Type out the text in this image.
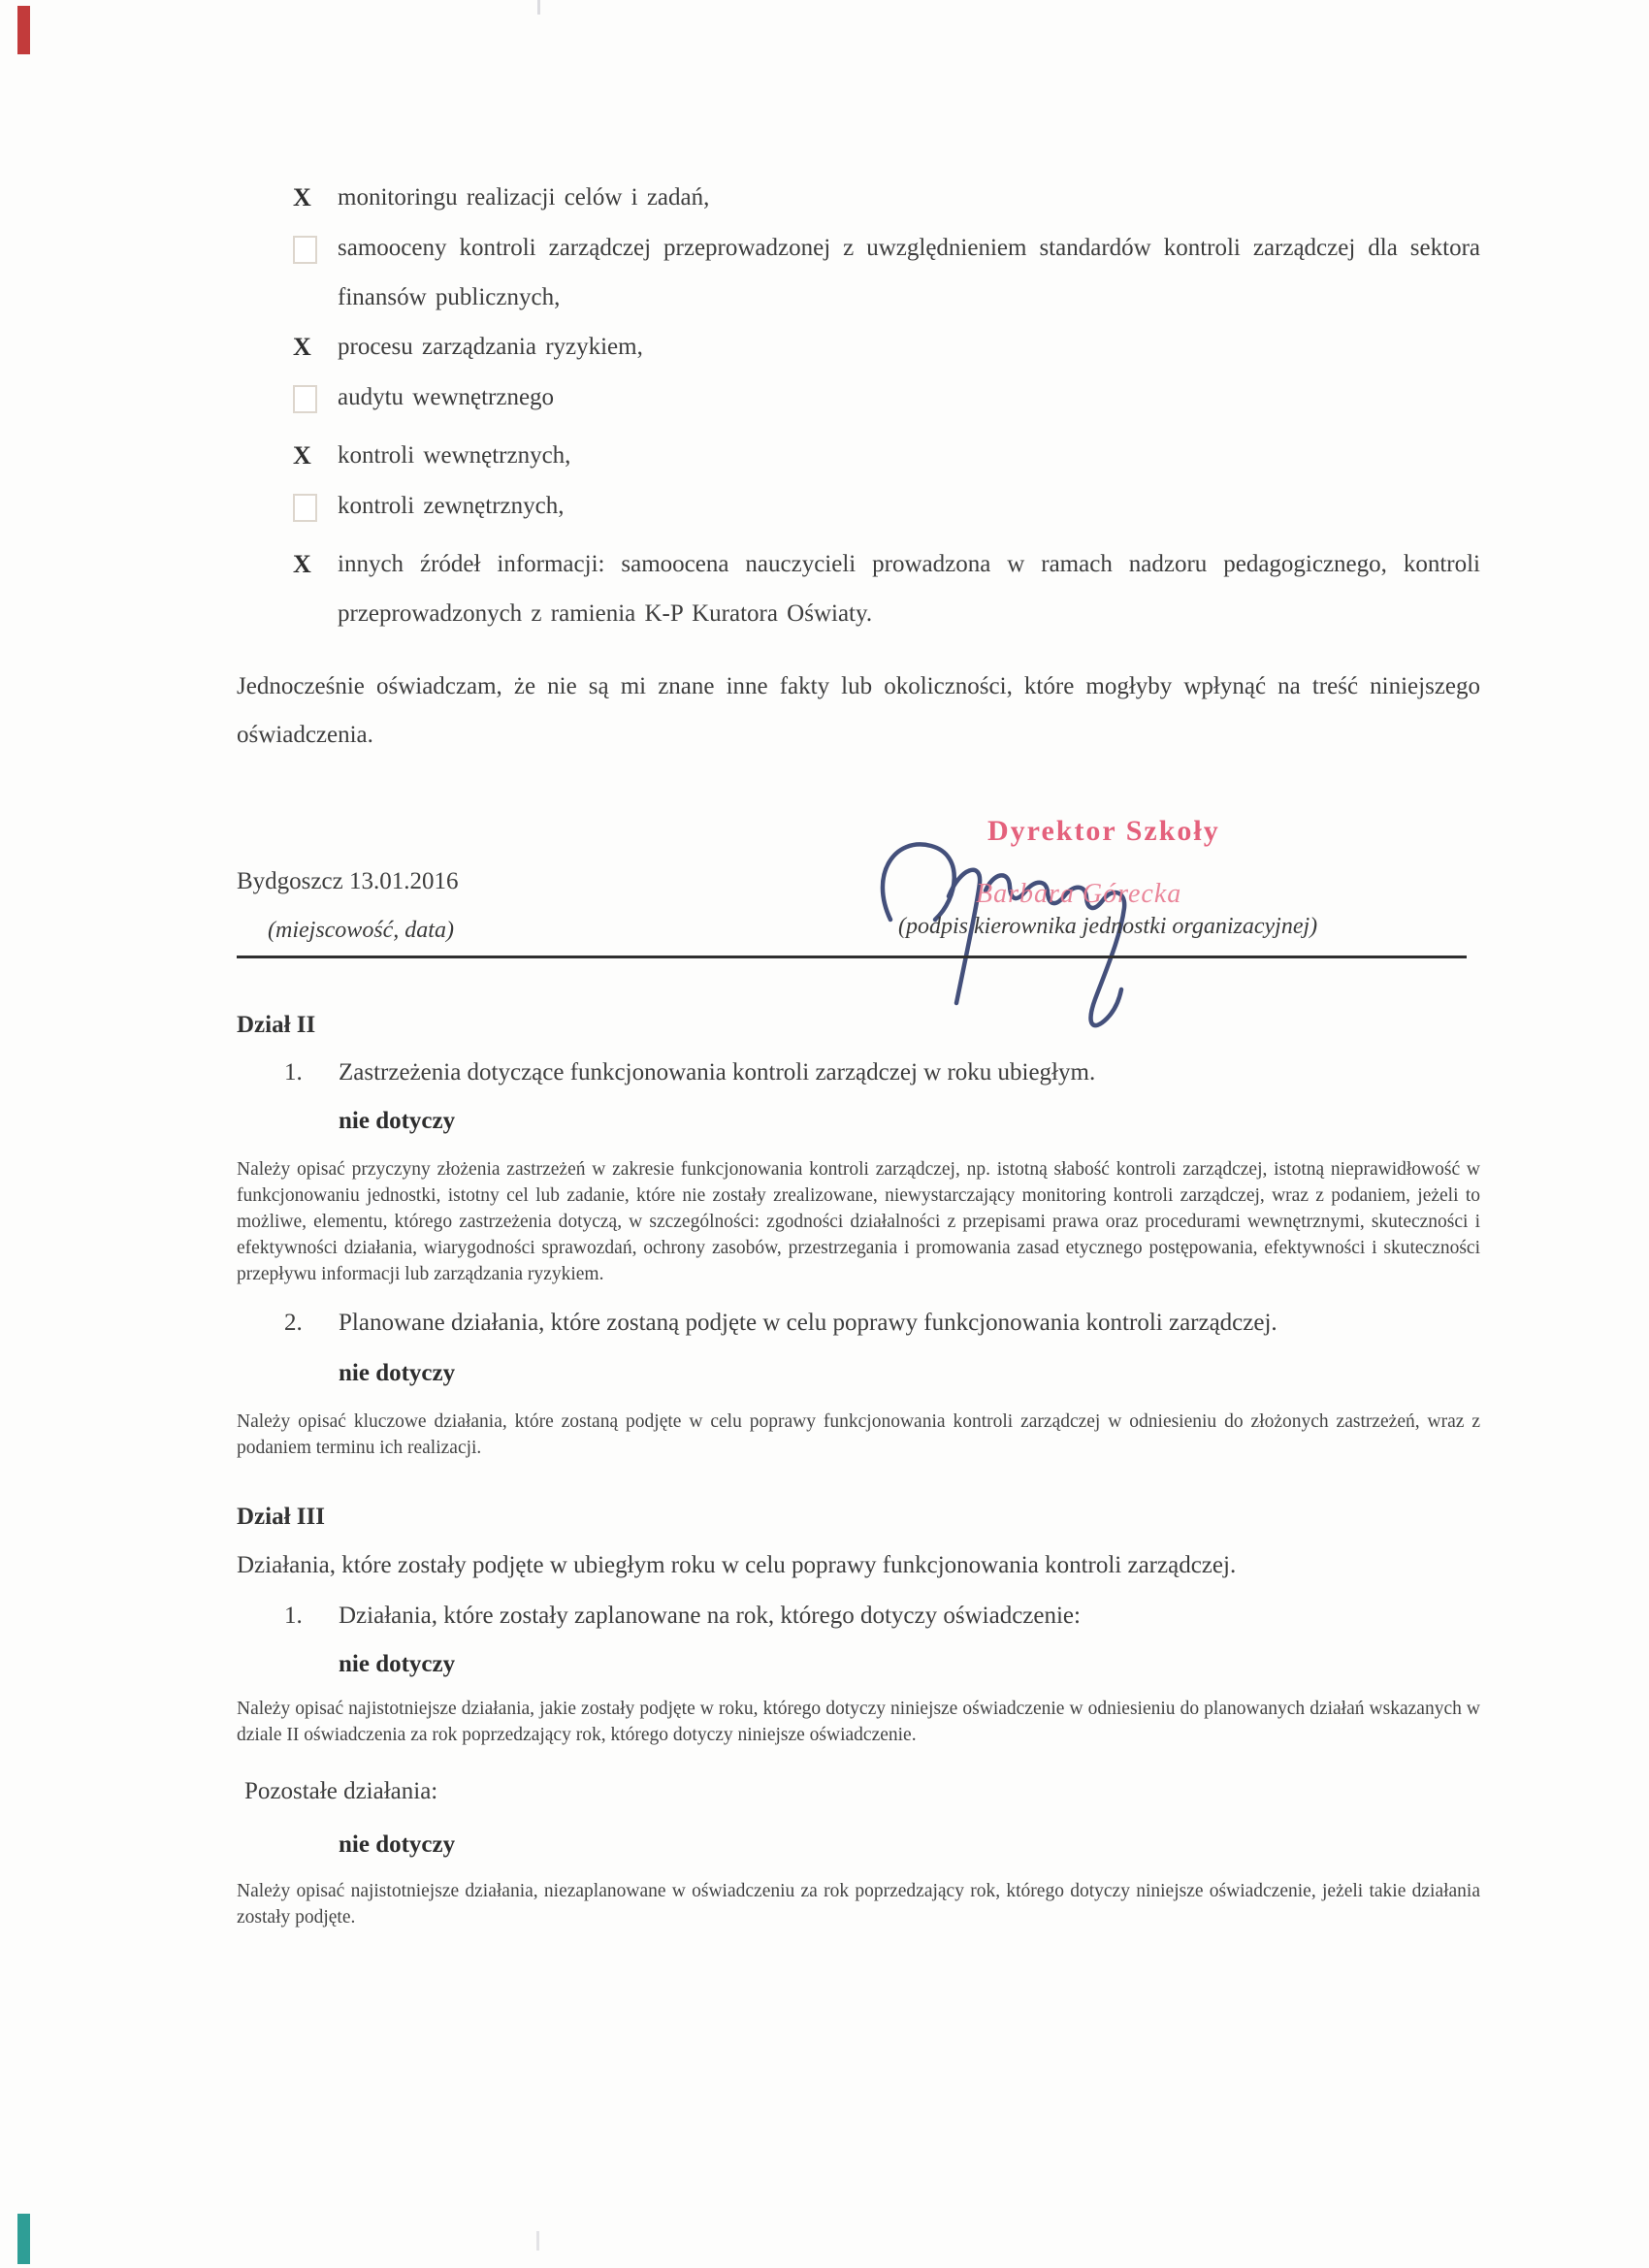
X	monitoringu realizacji celów i zadań,
samooceny kontroli zarządczej przeprowadzonej z uwzględnieniem standardów kontroli zarządczej dla sektora finansów publicznych,
X	procesu zarządzania ryzykiem,
audytu wewnętrznego
X	kontroli wewnętrznych,
kontroli zewnętrznych,
X	innych źródeł informacji: samoocena nauczycieli prowadzona w ramach nadzoru pedagogicznego, kontroli przeprowadzonych z ramienia K-P Kuratora Oświaty.
Jednocześnie oświadczam, że nie są mi znane inne fakty lub okoliczności, które mogłyby wpłynąć na treść niniejszego oświadczenia.
Bydgoszcz 13.01.2016
(miejscowość, data)
Dyrektor Szkoły
Barbara Górecka
(podpis kierownika jednostki organizacyjnej)
Dział II
1.	Zastrzeżenia dotyczące funkcjonowania kontroli zarządczej w roku ubiegłym.
nie dotyczy
Należy opisać przyczyny złożenia zastrzeżeń w zakresie funkcjonowania kontroli zarządczej, np. istotną słabość kontroli zarządczej, istotną nieprawidłowość w funkcjonowaniu jednostki, istotny cel lub zadanie, które nie zostały zrealizowane, niewystarczający monitoring kontroli zarządczej, wraz z podaniem, jeżeli to możliwe, elementu, którego zastrzeżenia dotyczą, w szczególności: zgodności działalności z przepisami prawa oraz procedurami wewnętrznymi, skuteczności i efektywności działania, wiarygodności sprawozdań, ochrony zasobów, przestrzegania i promowania zasad etycznego postępowania, efektywności i skuteczności przepływu informacji lub zarządzania ryzykiem.
2.	Planowane działania, które zostaną podjęte w celu poprawy funkcjonowania kontroli zarządczej.
nie dotyczy
Należy opisać kluczowe działania, które zostaną podjęte w celu poprawy funkcjonowania kontroli zarządczej w odniesieniu do złożonych zastrzeżeń, wraz z podaniem terminu ich realizacji.
Dział III
Działania, które zostały podjęte w ubiegłym roku w celu poprawy funkcjonowania kontroli zarządczej.
1.	Działania, które zostały zaplanowane na rok, którego dotyczy oświadczenie:
nie dotyczy
Należy opisać najistotniejsze działania, jakie zostały podjęte w roku, którego dotyczy niniejsze oświadczenie w odniesieniu do planowanych działań wskazanych w dziale II oświadczenia za rok poprzedzający rok, którego dotyczy niniejsze oświadczenie.
Pozostałe działania:
nie dotyczy
Należy opisać najistotniejsze działania, niezaplanowane w oświadczeniu za rok poprzedzający rok, którego dotyczy niniejsze oświadczenie, jeżeli takie działania zostały podjęte.
